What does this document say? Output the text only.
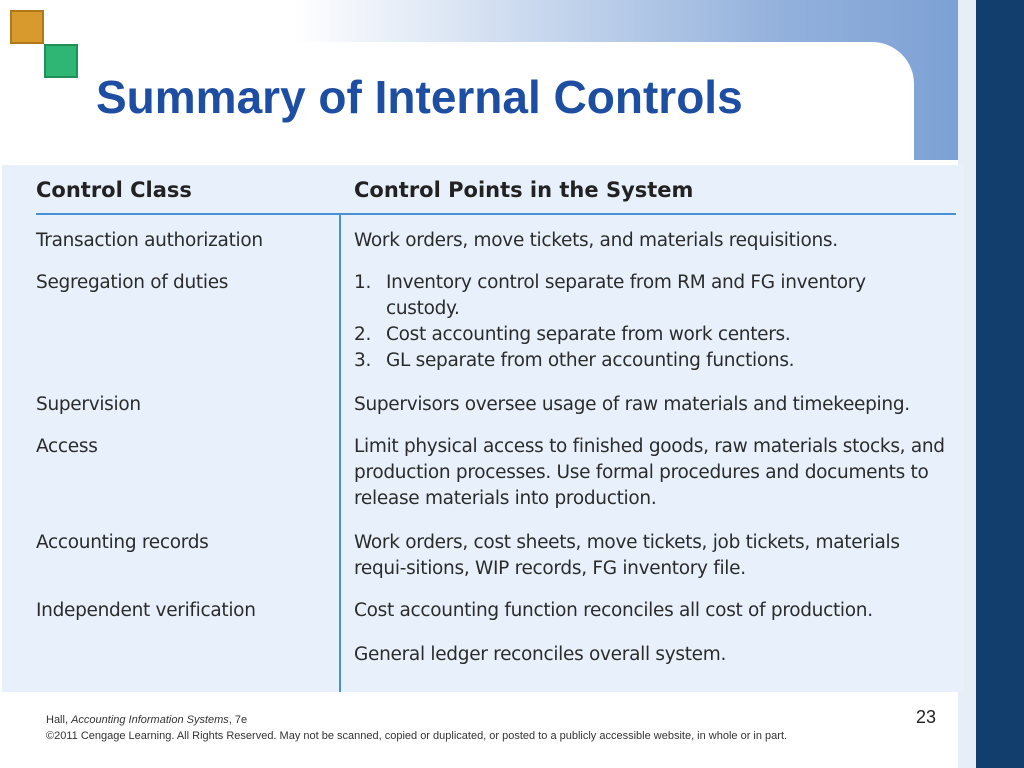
Summary of Internal Controls
Control Class	Control Points in the System
Transaction authorization	Work orders, move tickets, and materials requisitions.
Segregation of duties	1. Inventory control separate from RM and FG inventory custody.
2. Cost accounting separate from work centers.
3. GL separate from other accounting functions.
Supervision	Supervisors oversee usage of raw materials and timekeeping.
Access	Limit physical access to finished goods, raw materials stocks, and production processes. Use formal procedures and documents to release materials into production.
Accounting records	Work orders, cost sheets, move tickets, job tickets, materials requi-sitions, WIP records, FG inventory file.
Independent verification	Cost accounting function reconciles all cost of production.
General ledger reconciles overall system.
Hall, Accounting Information Systems, 7e
©2011 Cengage Learning. All Rights Reserved. May not be scanned, copied or duplicated, or posted to a publicly accessible website, in whole or in part.
23
